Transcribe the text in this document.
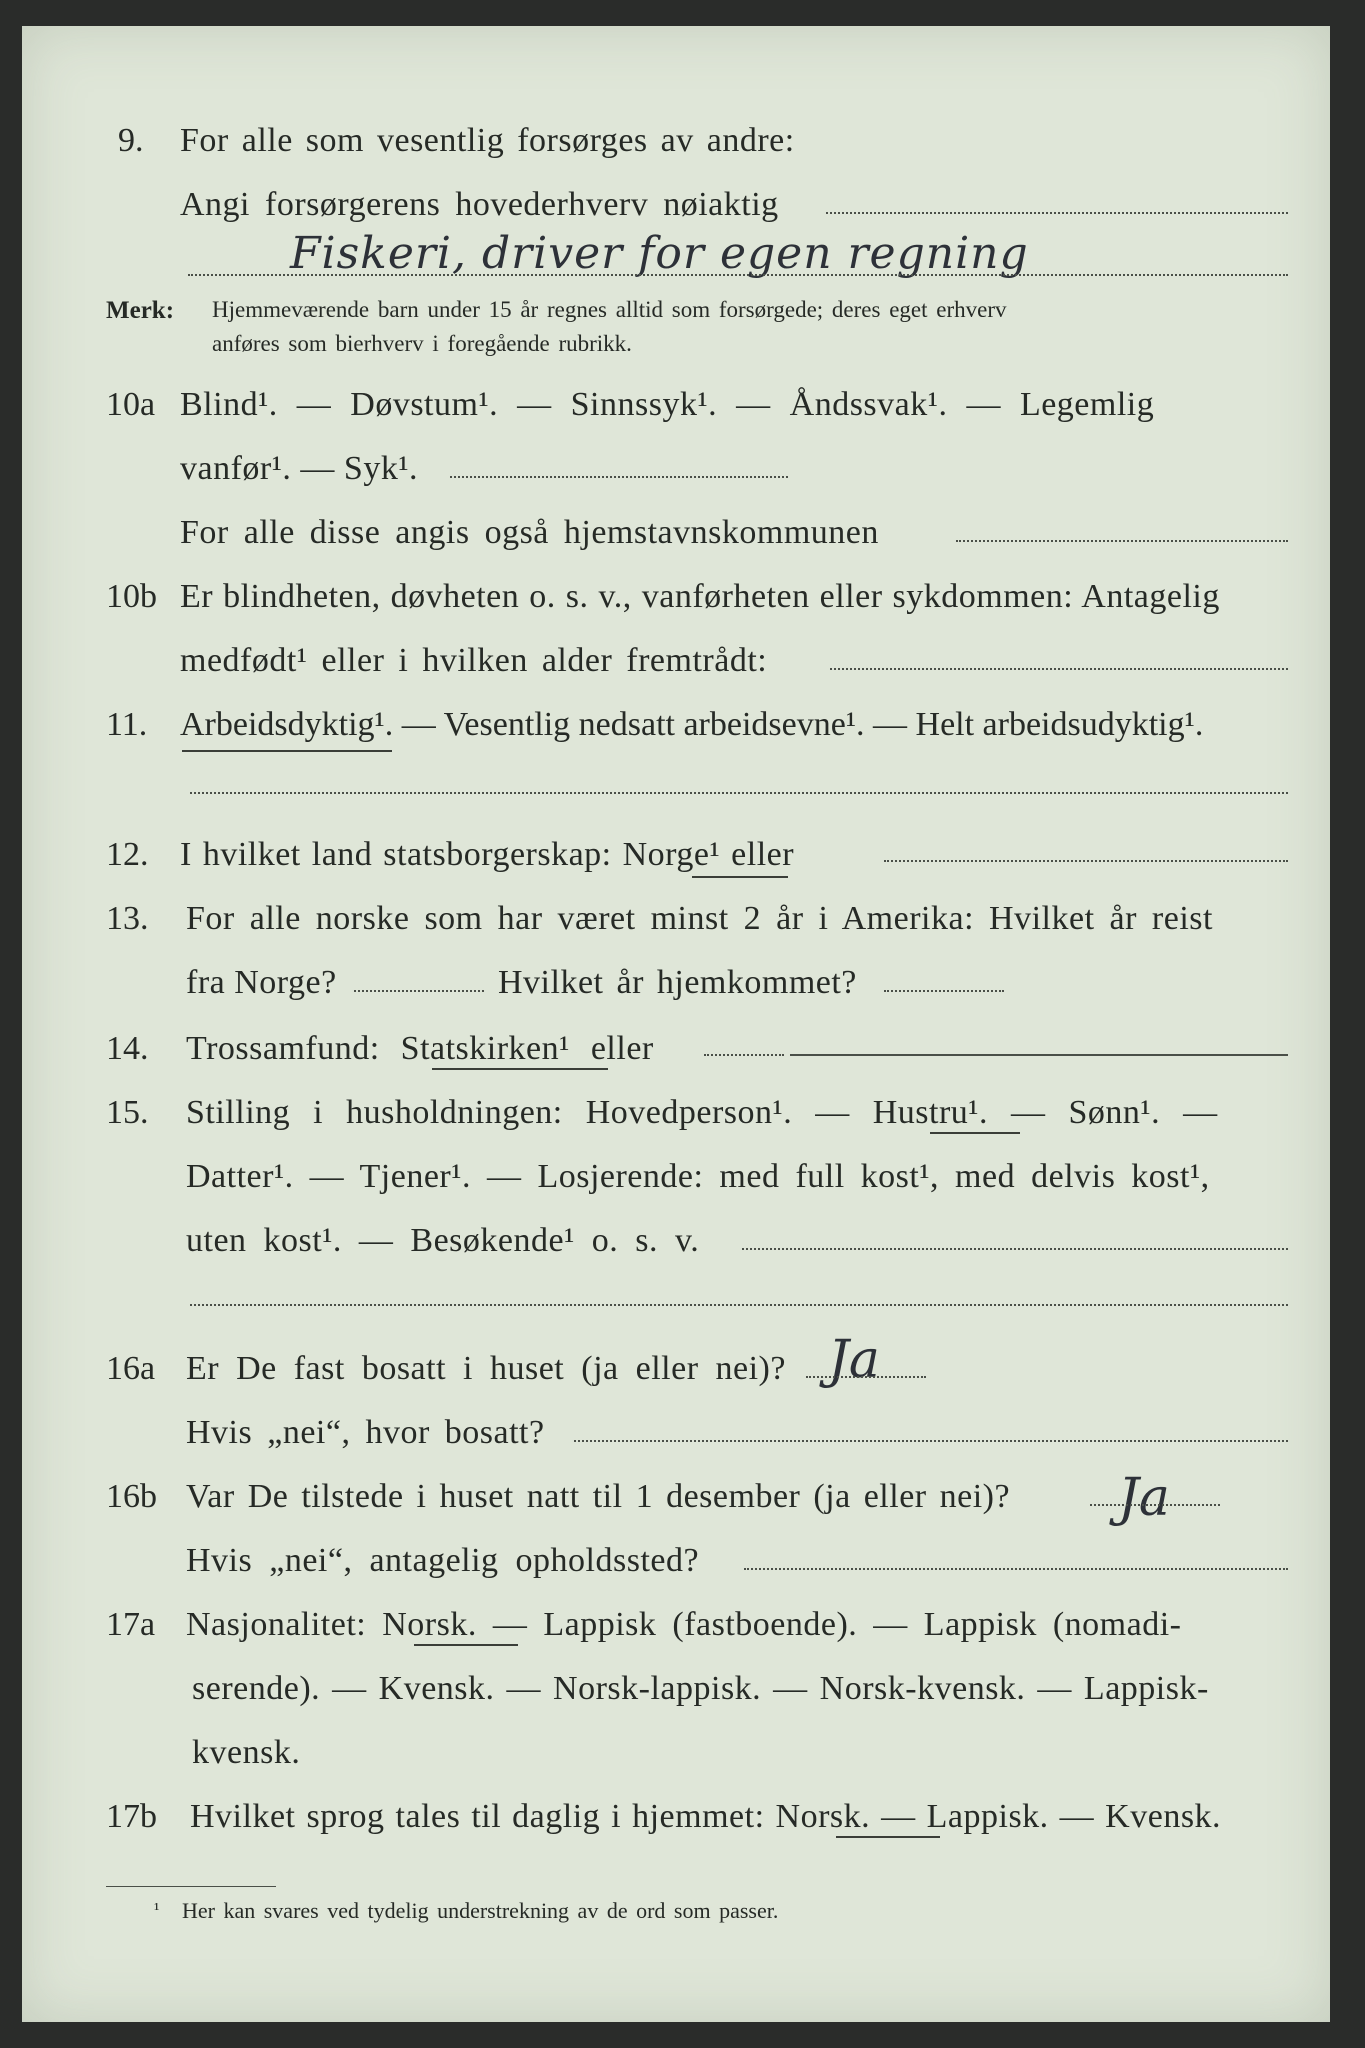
9. For alle som vesentlig forsørges av andre:
Angi forsørgerens hovederhverv nøiaktig
Fiskeri, driver for egen regning
Merk: Hjemmeværende barn under 15 år regnes alltid som forsørgede; deres eget erhverv
anføres som bierhverv i foregående rubrikk.
10a Blind¹. — Døvstum¹. — Sinnssyk¹. — Åndssvak¹. — Legemlig
vanfør¹. — Syk¹.
For alle disse angis også hjemstavnskommunen
10b Er blindheten, døvheten o. s. v., vanførheten eller sykdommen: Antagelig
medfødt¹ eller i hvilken alder fremtrådt:
11. Arbeidsdyktig¹. — Vesentlig nedsatt arbeidsevne¹. — Helt arbeidsudyktig¹.
12. I hvilket land statsborgerskap: Norge¹ eller
13. For alle norske som har været minst 2 år i Amerika: Hvilket år reist
fra Norge?	Hvilket år hjemkommet?
14. Trossamfund: Statskirken¹ eller
15. Stilling i husholdningen: Hovedperson¹. — Hustru¹. — Sønn¹. —
Datter¹. — Tjener¹. — Losjerende: med full kost¹, med delvis kost¹,
uten kost¹. — Besøkende¹ o. s. v.
16a Er De fast bosatt i huset (ja eller nei)? Ja
Hvis „nei“, hvor bosatt?
16b Var De tilstede i huset natt til 1 desember (ja eller nei)? Ja
Hvis „nei“, antagelig opholdssted?
17a Nasjonalitet: Norsk. — Lappisk (fastboende). — Lappisk (nomadi-
serende). — Kvensk. — Norsk-lappisk. — Norsk-kvensk. — Lappisk-
kvensk.
17b Hvilket sprog tales til daglig i hjemmet: Norsk. — Lappisk. — Kvensk.
¹ Her kan svares ved tydelig understrekning av de ord som passer.
